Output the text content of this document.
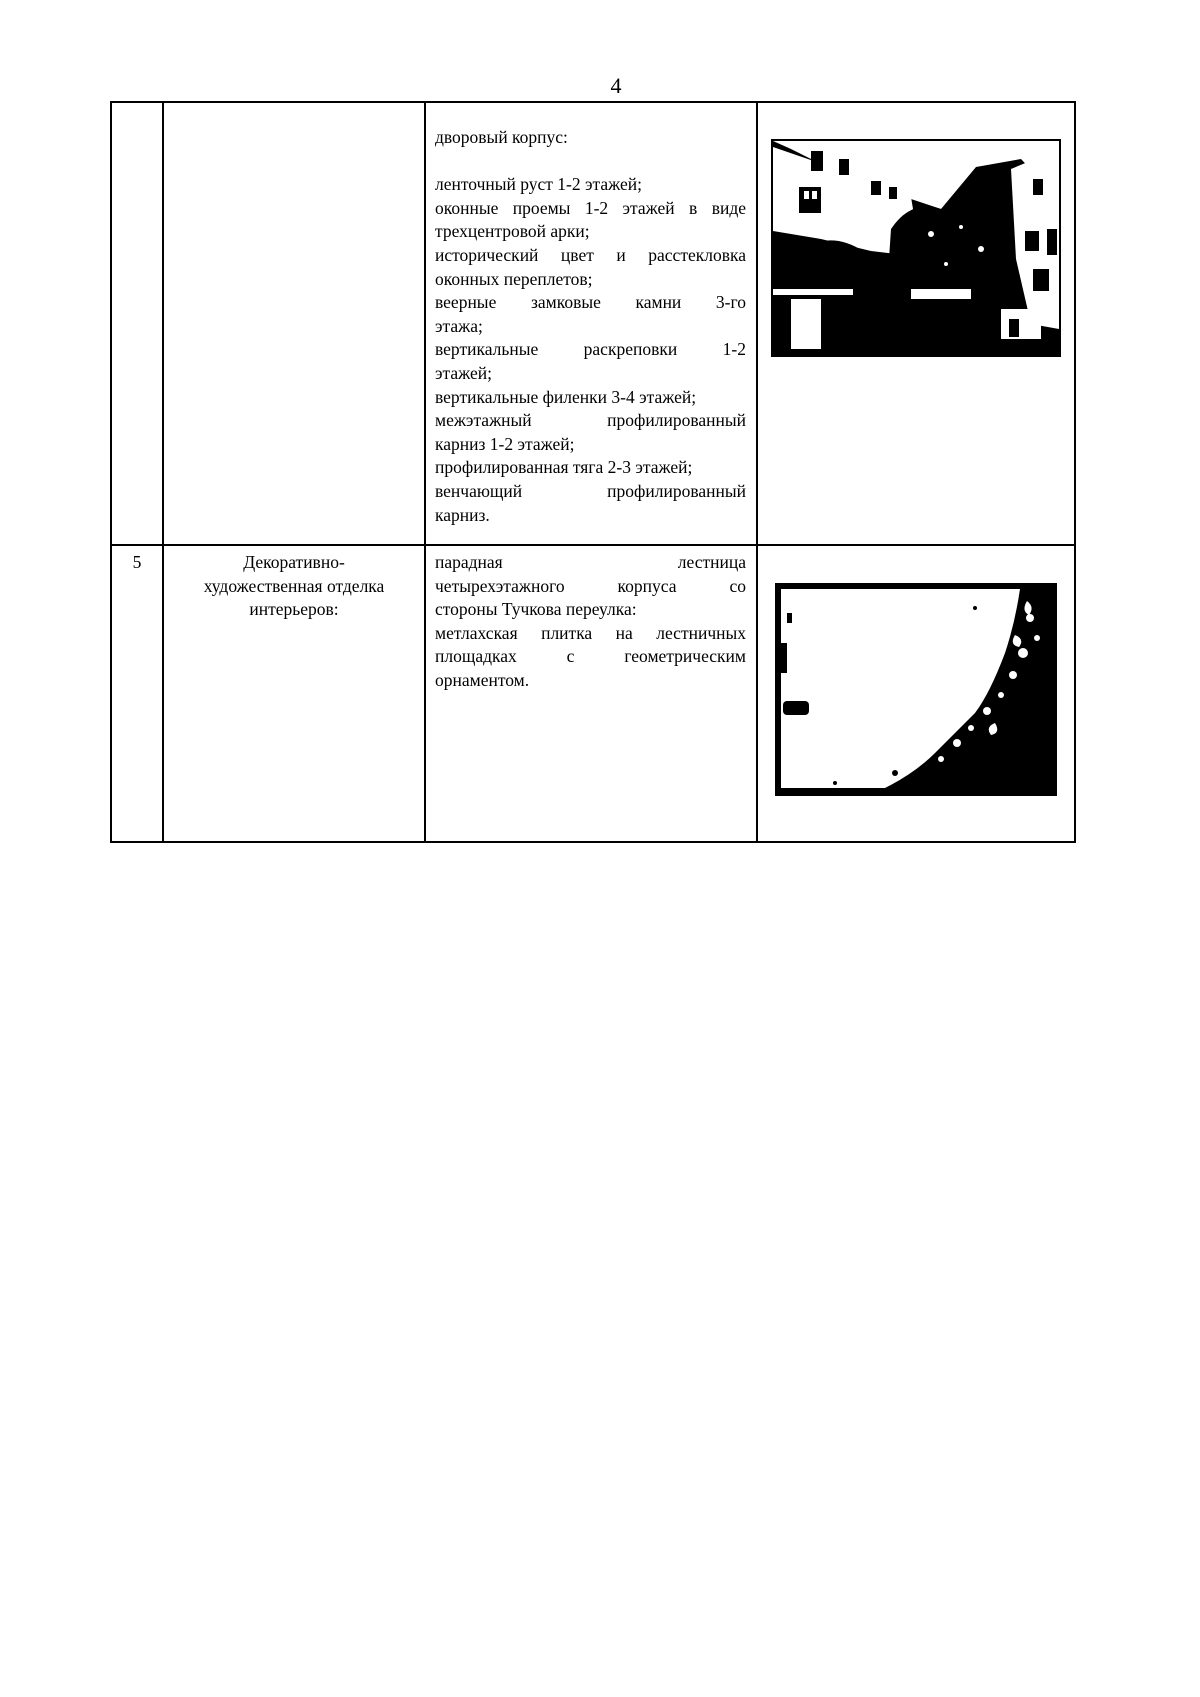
4
дворовый корпус:
ленточный руст 1-2 этажей;
оконные проемы 1-2 этажей в виде
трехцентровой арки;
исторический цвет и расстекловка
оконных переплетов;
веерные замковые камни 3-го
этажа;
вертикальные раскреповки 1-2
этажей;
вертикальные филенки 3-4 этажей;
межэтажный профилированный
карниз 1-2 этажей;
профилированная тяга 2-3 этажей;
венчающий профилированный
карниз.
5	Декоративно-
художественная отделка
интерьеров:
парадная лестница
четырехэтажного корпуса со
стороны Тучкова переулка:
метлахская плитка на лестничных
площадках с геометрическим
орнаментом.
